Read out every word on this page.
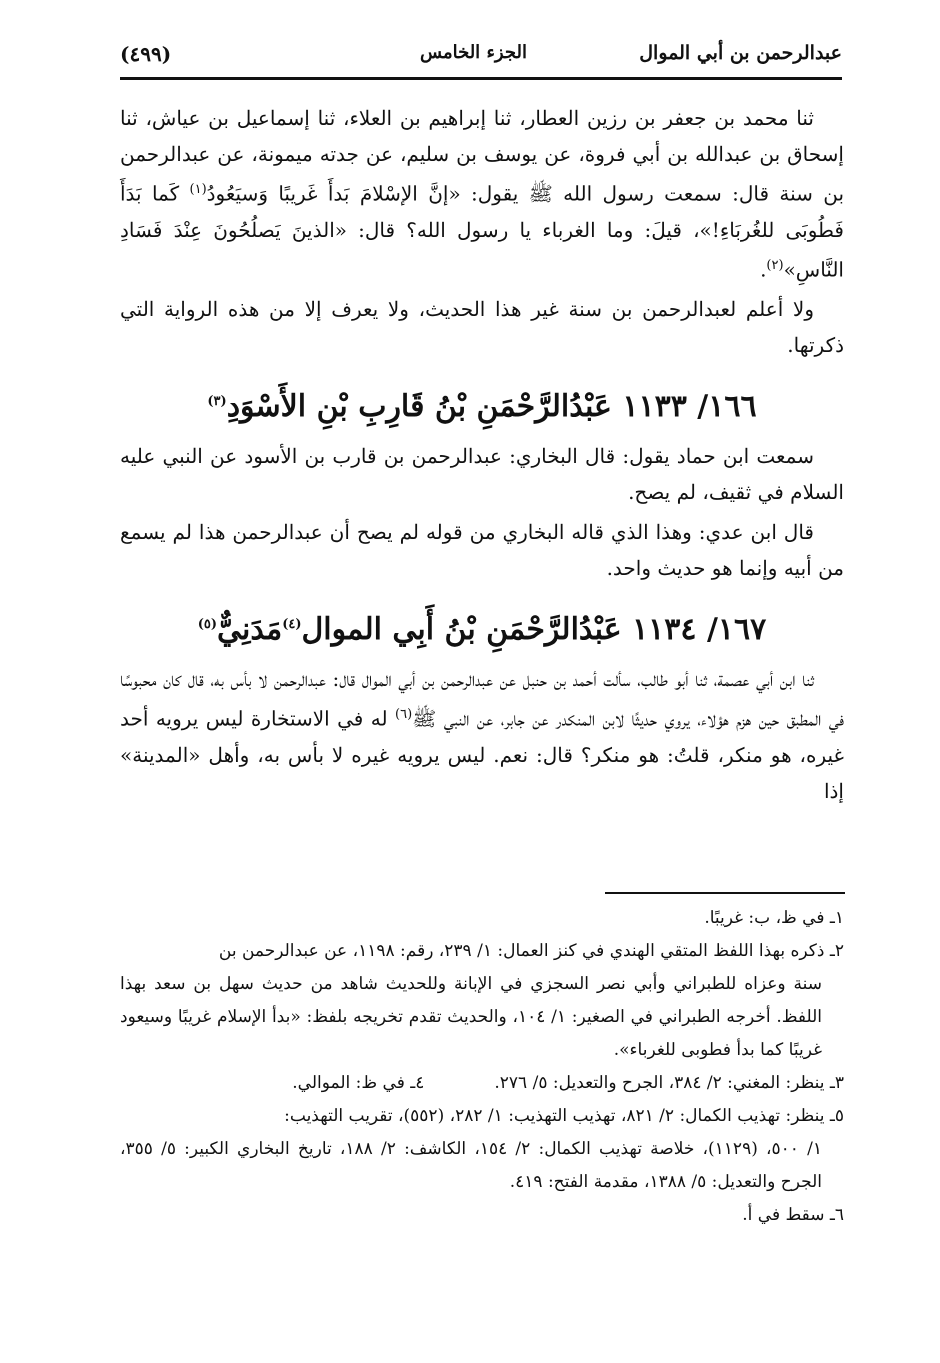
عبدالرحمن بن أبي الموال
الجزء الخامس
(٤٩٩)

ثنا محمد بن جعفر بن رزين العطار، ثنا إبراهيم بن العلاء، ثنا إسماعيل بن عياش، ثنا إسحاق بن عبدالله بن أبي فروة، عن يوسف بن سليم، عن جدته ميمونة، عن عبدالرحمن بن سنة قال: سمعت رسول الله ﷺ يقول: «إنَّ الإسْلامَ بَدأَ غَريبًا وَسيَعُودُ$^{(١)}$ كَما بَدَأَ فَطُوبَى للغُربَاءِ!»، قيلَ: وما الغرباء يا رسول الله؟ قال: «الذينَ يَصلُحُونَ عِنْدَ فَسَادِ النَّاسِ»$^{(٢)}$.

ولا أعلم لعبدالرحمن بن سنة غير هذا الحديث، ولا يعرف إلا من هذه الرواية التي ذكرتها.

١٦٦/ ١١٣٣ عَبْدُالرَّحْمَنِ بْنُ قَارِبِ بْنِ الأَسْوَدِ$^{(٣)}$

سمعت ابن حماد يقول: قال البخاري: عبدالرحمن بن قارب بن الأسود عن النبي عليه السلام في ثقيف، لم يصح.

قال ابن عدي: وهذا الذي قاله البخاري من قوله لم يصح أن عبدالرحمن هذا لم يسمع من أبيه وإنما هو حديث واحد.

١٦٧/ ١١٣٤ عَبْدُالرَّحْمَنِ بْنُ أَبِي الموال$^{(٤)}$مَدَنِيٌّ$^{(٥)}$

ثنا ابن أبي عصمة، ثنا أبو طالب، سألت أحمد بن حنبل عن عبدالرحمن بن أبي الموال قال: عبدالرحمن لا بأس به، قال كان محبوسًا في المطبق حين هزم هؤلاء، يروي حديثًا لابن المنكدر عن جابر، عن النبي ﷺ$^{(٦)}$ له في الاستخارة ليس يرويه أحد غيره، هو منكر، قلتُ: هو منكر؟ قال: نعم. ليس يرويه غيره لا بأس به، وأهل «المدينة» إذا

١ـ في ظ، ب: غريبًا.

٢ـ ذكره بهذا اللفظ المتقي الهندي في كنز العمال: ١/ ٢٣٩، رقم: ١١٩٨، عن عبدالرحمن بن

سنة وعزاه للطبراني وأبي نصر السجزي في الإبانة وللحديث شاهد من حديث سهل بن سعد بهذا اللفظ. أخرجه الطبراني في الصغير: ١/ ١٠٤، والحديث تقدم تخريجه بلفظ: «بدأ الإسلام غريبًا وسيعود غريبًا كما بدأ فطوبى للغرباء».

٣ـ ينظر: المغني: ٢/ ٣٨٤، الجرح والتعديل: ٥/ ٢٧٦.
٤ـ في ظ: الموالي.

٥ـ ينظر: تهذيب الكمال: ٢/ ٨٢١، تهذيب التهذيب: ١/ ٢٨٢، (٥٥٢)، تقريب التهذيب:

١/ ٥٠٠، (١١٢٩)، خلاصة تهذيب الكمال: ٢/ ١٥٤، الكاشف: ٢/ ١٨٨، تاريخ البخاري الكبير: ٥/ ٣٥٥، الجرح والتعديل: ٥/ ١٣٨٨، مقدمة الفتح: ٤١٩.

٦ـ سقط في أ.
